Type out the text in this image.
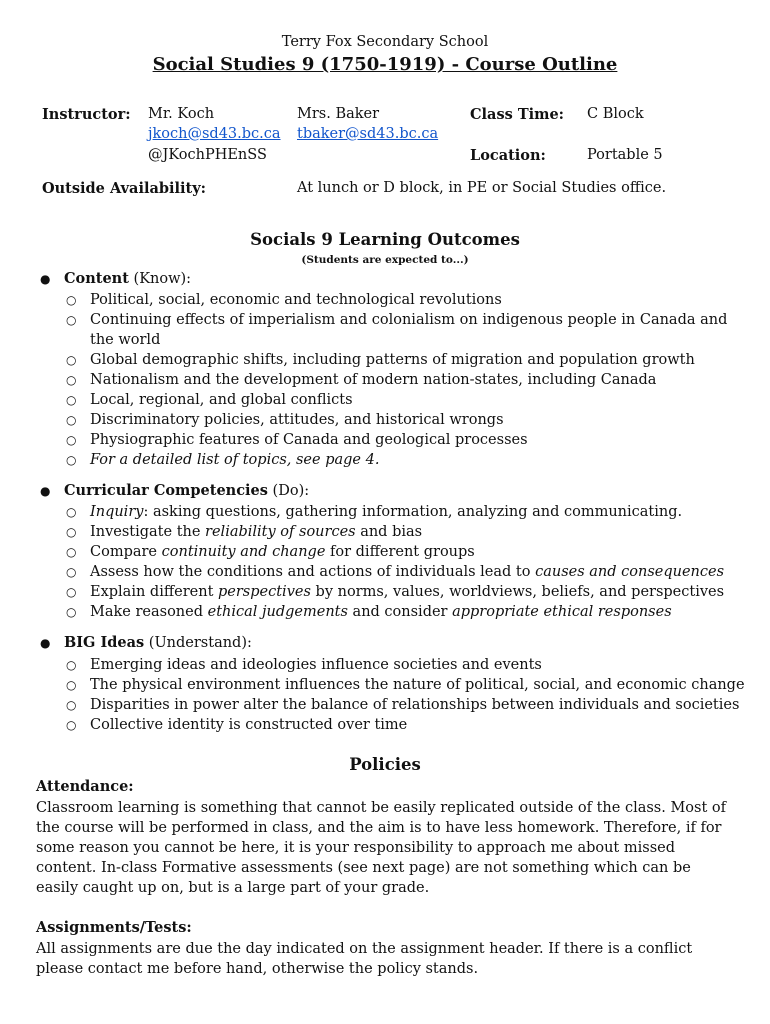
Terry Fox Secondary School
Social Studies 9 (1750-1919) - Course Outline
Instructor: Mr. Koch
jkoch@sd43.bc.ca
@JKochPHEnSS
Mrs. Baker
tbaker@sd43.bc.ca
Class Time: C Block
Location:	Portable 5
Outside Availability:	At lunch or D block, in PE or Social Studies office.
Socials 9 Learning Outcomes
(Students are expected to...)
● Content (Know):
○ Political, social, economic and technological revolutions
○ Continuing effects of imperialism and colonialism on indigenous people in Canada and the world
○ Global demographic shifts, including patterns of migration and population growth
○ Nationalism and the development of modern nation-states, including Canada
○ Local, regional, and global conflicts
○ Discriminatory policies, attitudes, and historical wrongs
○ Physiographic features of Canada and geological processes
○ For a detailed list of topics, see page 4.
● Curricular Competencies (Do):
○ Inquiry: asking questions, gathering information, analyzing and communicating.
○ Investigate the reliability of sources and bias
○ Compare continuity and change for different groups
○ Assess how the conditions and actions of individuals lead to causes and consequences
○ Explain different perspectives by norms, values, worldviews, beliefs, and perspectives
○ Make reasoned ethical judgements and consider appropriate ethical responses
● BIG Ideas (Understand):
○ Emerging ideas and ideologies influence societies and events
○ The physical environment influences the nature of political, social, and economic change
○ Disparities in power alter the balance of relationships between individuals and societies
○ Collective identity is constructed over time
Policies
Attendance:
Classroom learning is something that cannot be easily replicated outside of the class. Most of the course will be performed in class, and the aim is to have less homework. Therefore, if for some reason you cannot be here, it is your responsibility to approach me about missed content. In-class Formative assessments (see next page) are not something which can be easily caught up on, but is a large part of your grade.
Assignments/Tests:
All assignments are due the day indicated on the assignment header. If there is a conflict please contact me before hand, otherwise the policy stands.
